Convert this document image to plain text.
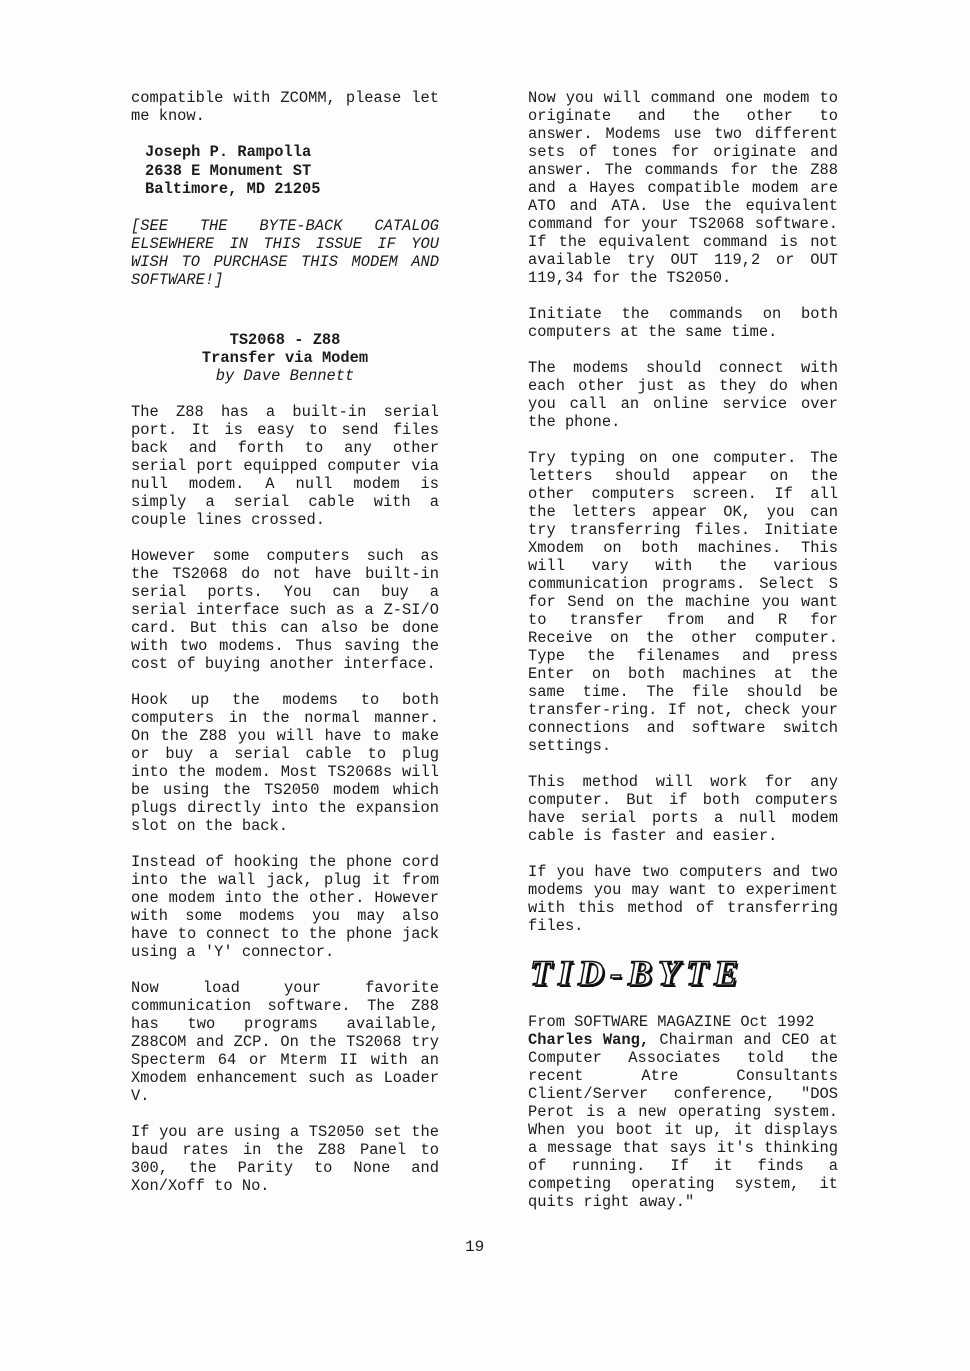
compatible with ZCOMM, please let me know.

Joseph P. Rampolla
2638 E Monument ST
Baltimore, MD 21205
[SEE THE BYTE-BACK CATALOG ELSEWHERE IN THIS ISSUE IF YOU WISH TO PURCHASE THIS MODEM AND SOFTWARE!]
TS2068 - Z88
Transfer via Modem
by Dave Bennett

The Z88 has a built-in serial port. It is easy to send files back and forth to any other serial port equipped computer via null modem. A null modem is simply a serial cable with a couple lines crossed.

However some computers such as the TS2068 do not have built-in serial ports. You can buy a serial interface such as a Z-SI/O card. But this can also be done with two modems. Thus saving the cost of buying another interface.

Hook up the modems to both computers in the normal manner. On the Z88 you will have to make or buy a serial cable to plug into the modem. Most TS2068s will be using the TS2050 modem which plugs directly into the expansion slot on the back.

Instead of hooking the phone cord into the wall jack, plug it from one modem into the other. However with some modems you may also have to connect to the phone jack using a 'Y' connector.

Now load your favorite communication software. The Z88 has two programs available, Z88COM and ZCP. On the TS2068 try Specterm 64 or Mterm II with an Xmodem enhancement such as Loader V.

If you are using a TS2050 set the baud rates in the Z88 Panel to 300, the Parity to None and Xon/Xoff to No.

Now you will command one modem to originate and the other to answer. Modems use two different sets of tones for originate and answer. The commands for the Z88 and a Hayes compatible modem are ATO and ATA. Use the equivalent command for your TS2068 software. If the equivalent command is not available try OUT 119,2 or OUT 119,34 for the TS2050.

Initiate the commands on both computers at the same time.

The modems should connect with each other just as they do when you call an online service over the phone.

Try typing on one computer. The letters should appear on the other computers screen. If all the letters appear OK, you can try transferring files. Initiate Xmodem on both machines. This will vary with the various communication programs. Select S for Send on the machine you want to transfer from and R for Receive on the other computer. Type the filenames and press Enter on both machines at the same time. The file should be transfer-ring. If not, check your connections and software switch settings.

This method will work for any computer. But if both computers have serial ports a null modem cable is faster and easier.

If you have two computers and two modems you may want to experiment with this method of transferring files.

TID-BYTE

From SOFTWARE MAGAZINE Oct 1992

Charles Wang, Chairman and CEO at Computer Associates told the recent Atre Consultants Client/Server conference, "DOS Perot is a new operating system. When you boot it up, it displays a message that says it's thinking of running. If it finds a competing operating system, it quits right away."

19
